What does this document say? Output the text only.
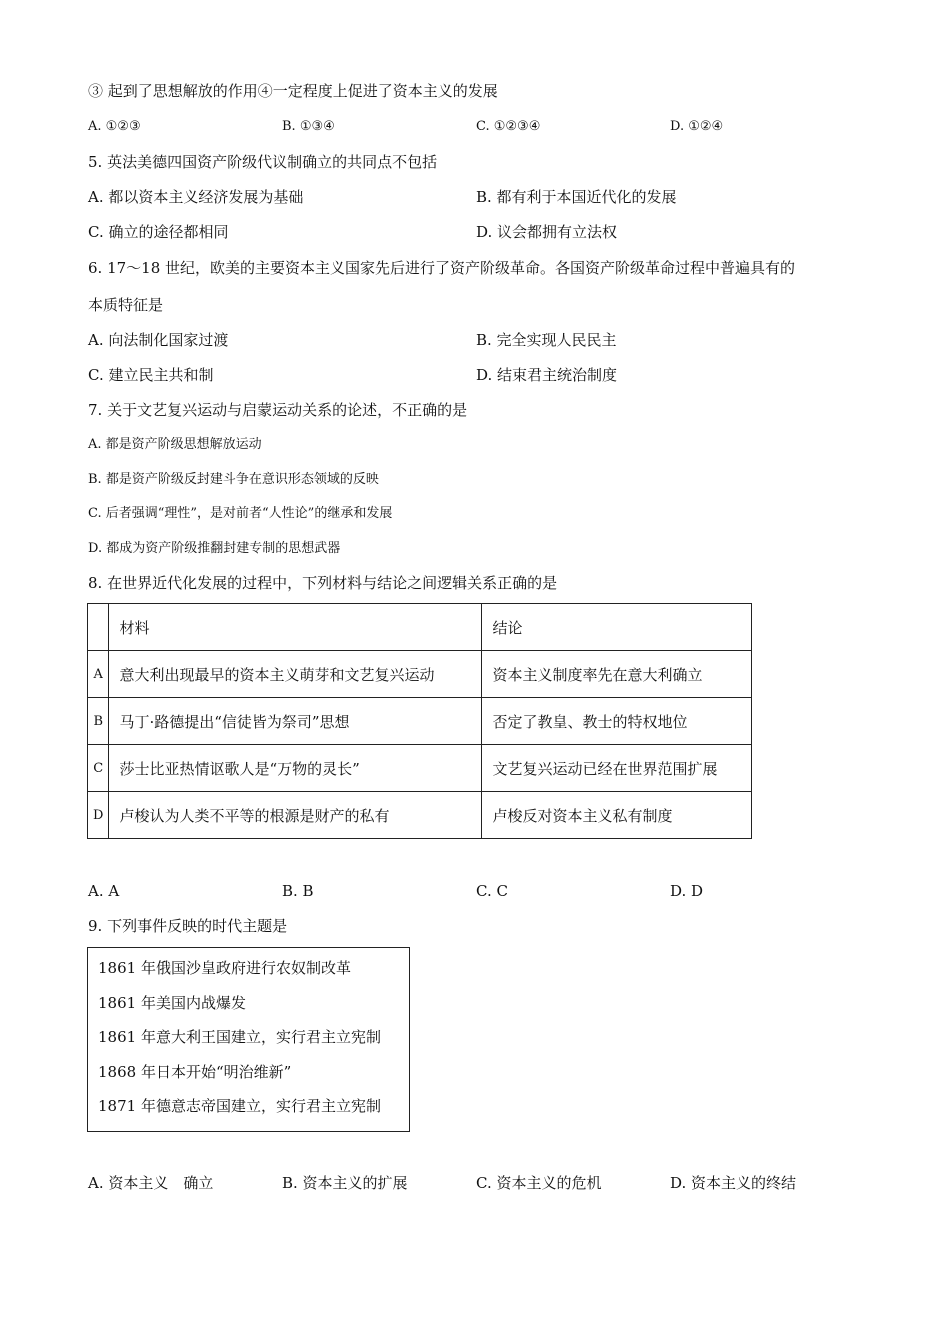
③ 起到了思想解放的作用④一定程度上促进了资本主义的发展
A. ①②③	B. ①③④	C. ①②③④	D. ①②④
5. 英法美德四国资产阶级代议制确立的共同点不包括
A. 都以资本主义经济发展为基础	B. 都有利于本国近代化的发展
C. 确立的途径都相同	D. 议会都拥有立法权
6. 17～18 世纪，欧美的主要资本主义国家先后进行了资产阶级革命。各国资产阶级革命过程中普遍具有的
本质特征是
A. 向法制化国家过渡	B. 完全实现人民民主
C. 建立民主共和制	D. 结束君主统治制度
7. 关于文艺复兴运动与启蒙运动关系的论述，不正确的是
A. 都是资产阶级思想解放运动
B. 都是资产阶级反封建斗争在意识形态领域的反映
C. 后者强调“理性”，是对前者“人性论”的继承和发展
D. 都成为资产阶级推翻封建专制的思想武器
8. 在世界近代化发展的过程中，下列材料与结论之间逻辑关系正确的是
	材料	结论
A	意大利出现最早的资本主义萌芽和文艺复兴运动	资本主义制度率先在意大利确立
B	马丁·路德提出“信徒皆为祭司”思想	否定了教皇、教士的特权地位
C	莎士比亚热情讴歌人是“万物的灵长”	文艺复兴运动已经在世界范围扩展
D	卢梭认为人类不平等的根源是财产的私有	卢梭反对资本主义私有制度
A. A	B. B	C. C	D. D
9. 下列事件反映的时代主题是
1861 年俄国沙皇政府进行农奴制改革
1861 年美国内战爆发
1861 年意大利王国建立，实行君主立宪制
1868 年日本开始“明治维新”
1871 年德意志帝国建立，实行君主立宪制
A. 资本主义　确立	B. 资本主义的扩展	C. 资本主义的危机	D. 资本主义的终结
